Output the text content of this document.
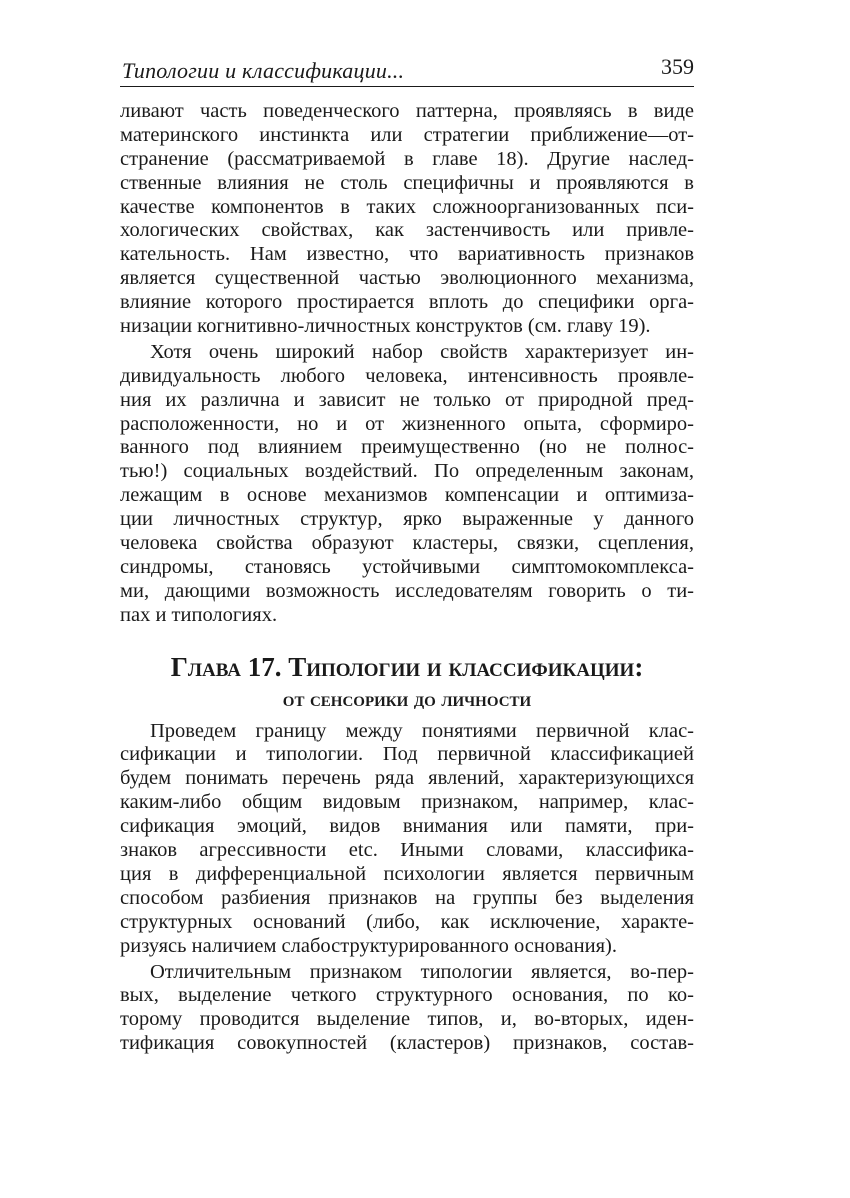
Типологии и классификации...	359
ливают часть поведенческого паттерна, проявляясь в виде
материнского инстинкта или стратегии приближение—от-
странение (рассматриваемой в главе 18). Другие наслед-
ственные влияния не столь специфичны и проявляются в
качестве компонентов в таких сложноорганизованных пси-
хологических свойствах, как застенчивость или привле-
кательность. Нам известно, что вариативность признаков
является существенной частью эволюционного механизма,
влияние которого простирается вплоть до специфики орга-
низации когнитивно-личностных конструктов (см. главу 19).
Хотя очень широкий набор свойств характеризует ин-
дивидуальность любого человека, интенсивность проявле-
ния их различна и зависит не только от природной пред-
расположенности, но и от жизненного опыта, сформиро-
ванного под влиянием преимущественно (но не полнос-
тью!) социальных воздействий. По определенным законам,
лежащим в основе механизмов компенсации и оптимиза-
ции личностных структур, ярко выраженные у данного
человека свойства образуют кластеры, связки, сцепления,
синдромы, становясь устойчивыми симптомокомплекса-
ми, дающими возможность исследователям говорить о ти-
пах и типологиях.
Глава 17. Типологии и классификации:
от сенсорики до личности
Проведем границу между понятиями первичной клас-
сификации и типологии. Под первичной классификацией
будем понимать перечень ряда явлений, характеризующихся
каким-либо общим видовым признаком, например, клас-
сификация эмоций, видов внимания или памяти, при-
знаков агрессивности etc. Иными словами, классифика-
ция в дифференциальной психологии является первичным
способом разбиения признаков на группы без выделения
структурных оснований (либо, как исключение, характе-
ризуясь наличием слабоструктурированного основания).
Отличительным признаком типологии является, во-пер-
вых, выделение четкого структурного основания, по ко-
торому проводится выделение типов, и, во-вторых, иден-
тификация совокупностей (кластеров) признаков, состав-
